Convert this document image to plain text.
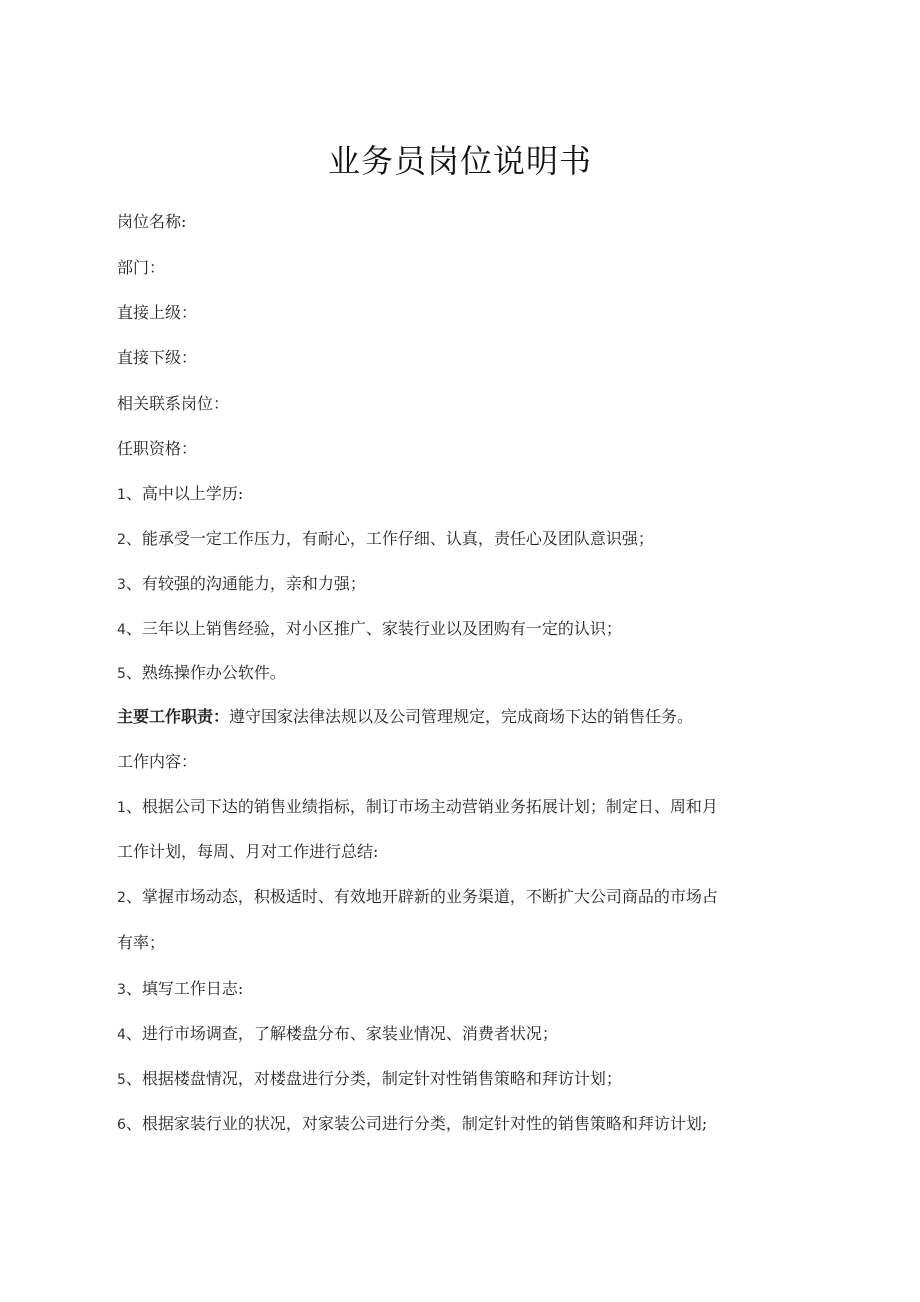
业务员岗位说明书
岗位名称:
部门：
直接上级：
直接下级：
相关联系岗位：
任职资格：
1、高中以上学历:
2、能承受一定工作压力，有耐心，工作仔细、认真，责任心及团队意识强；
3、有较强的沟通能力，亲和力强；
4、三年以上销售经验，对小区推广、家装行业以及团购有一定的认识；
5、熟练操作办公软件。
主要工作职责：遵守国家法律法规以及公司管理规定，完成商场下达的销售任务。
工作内容：
1、根据公司下达的销售业绩指标，制订市场主动营销业务拓展计划；制定日、周和月
工作计划，每周、月对工作进行总结:
2、掌握市场动态，积极适时、有效地开辟新的业务渠道，不断扩大公司商品的市场占
有率；
3、填写工作日志:
4、进行市场调查，了解楼盘分布、家装业情况、消费者状况；
5、根据楼盘情况，对楼盘进行分类，制定针对性销售策略和拜访计划；
6、根据家装行业的状况，对家装公司进行分类，制定针对性的销售策略和拜访计划;
